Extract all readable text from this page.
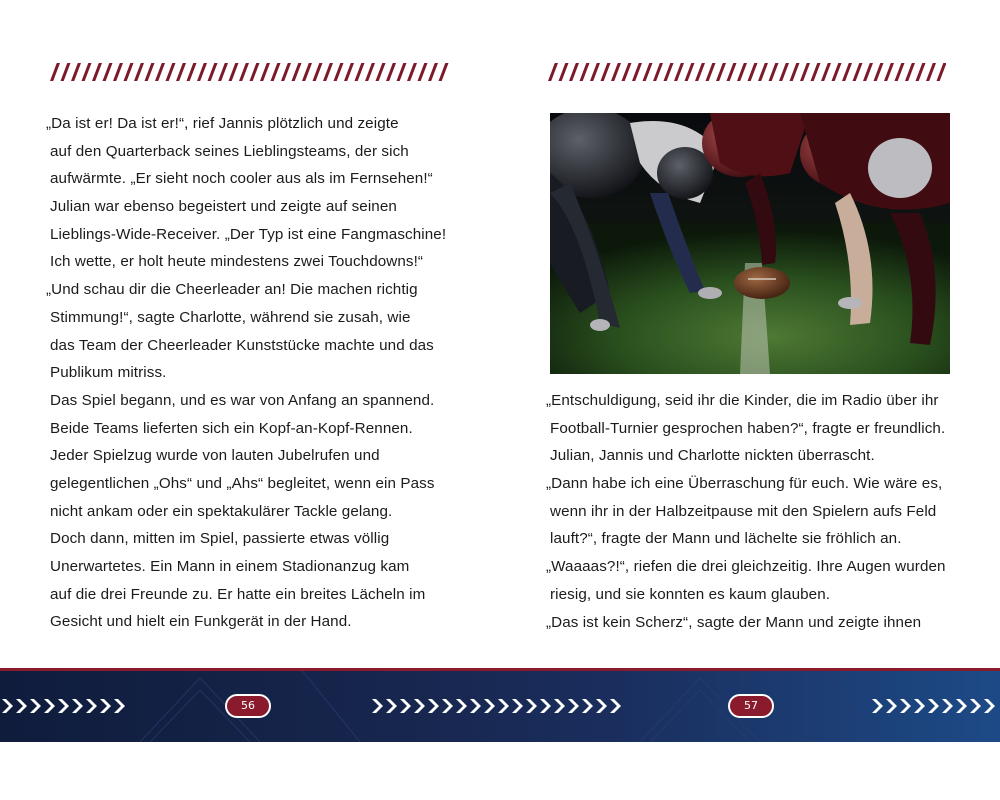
„Da ist er! Da ist er!“, rief Jannis plötzlich und zeigte
auf den Quarterback seines Lieblingsteams, der sich
aufwärmte. „Er sieht noch cooler aus als im Fernsehen!“
Julian war ebenso begeistert und zeigte auf seinen
Lieblings-Wide-Receiver. „Der Typ ist eine Fangmaschine!
Ich wette, er holt heute mindestens zwei Touchdowns!“
„Und schau dir die Cheerleader an! Die machen richtig
Stimmung!“, sagte Charlotte, während sie zusah, wie
das Team der Cheerleader Kunststücke machte und das
Publikum mitriss.
Das Spiel begann, und es war von Anfang an spannend.
Beide Teams lieferten sich ein Kopf-an-Kopf-Rennen.
Jeder Spielzug wurde von lauten Jubelrufen und
gelegentlichen „Ohs“ und „Ahs“ begleitet, wenn ein Pass
nicht ankam oder ein spektakulärer Tackle gelang.
Doch dann, mitten im Spiel, passierte etwas völlig
Unerwartetes. Ein Mann in einem Stadionanzug kam
auf die drei Freunde zu. Er hatte ein breites Lächeln im
Gesicht und hielt ein Funkgerät in der Hand.
„Entschuldigung, seid ihr die Kinder, die im Radio über ihr
Football-Turnier gesprochen haben?“, fragte er freundlich.
Julian, Jannis und Charlotte nickten überrascht.
„Dann habe ich eine Überraschung für euch. Wie wäre es,
wenn ihr in der Halbzeitpause mit den Spielern aufs Feld
lauft?“, fragte der Mann und lächelte sie fröhlich an.
„Waaaas?!“, riefen die drei gleichzeitig. Ihre Augen wurden
riesig, und sie konnten es kaum glauben.
„Das ist kein Scherz“, sagte der Mann und zeigte ihnen
56	57
